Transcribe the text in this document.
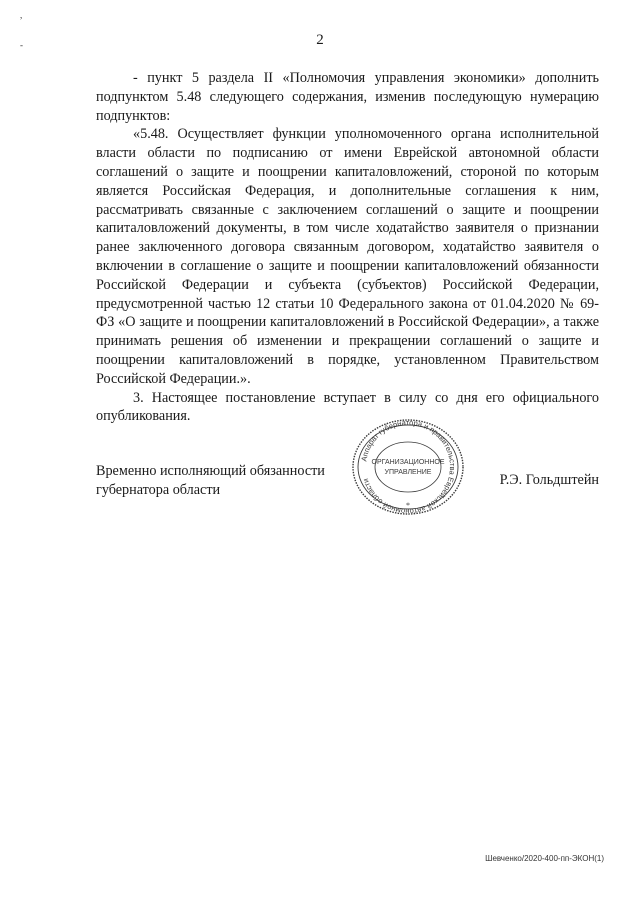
,
-	2

- пункт 5 раздела II «Полномочия управления экономики» дополнить подпунктом 5.48 следующего содержания, изменив последующую нумерацию подпунктов:

«5.48. Осуществляет функции уполномоченного органа исполнительной власти области по подписанию от имени Еврейской автономной области соглашений о защите и поощрении капиталовложений, стороной по которым является Российская Федерация, и дополнительные соглашения к ним, рассматривать связанные с заключением соглашений о защите и поощрении капиталовложений документы, в том числе ходатайство заявителя о признании ранее заключенного договора связанным договором, ходатайство заявителя о включении в соглашение о защите и поощрении капиталовложений обязанности Российской Федерации и субъекта (субъектов) Российской Федерации, предусмотренной частью 12 статьи 10 Федерального закона от 01.04.2020 № 69-ФЗ «О защите и поощрении капиталовложений в Российской Федерации», а также принимать решения об изменении и прекращении соглашений о защите и поощрении капиталовложений в порядке, установленном Правительством Российской Федерации.».

3. Настоящее постановление вступает в силу со дня его официального опубликования.

Временно исполняющий обязанности губернатора области
Р.Э. Гольдштейн
Аппарат губернатора и правительства Еврейской автономной области
ОРГАНИЗАЦИОННОЕ
УПРАВЛЕНИЕ
*
Шевченко/2020-400-пп-ЭКОН(1)
